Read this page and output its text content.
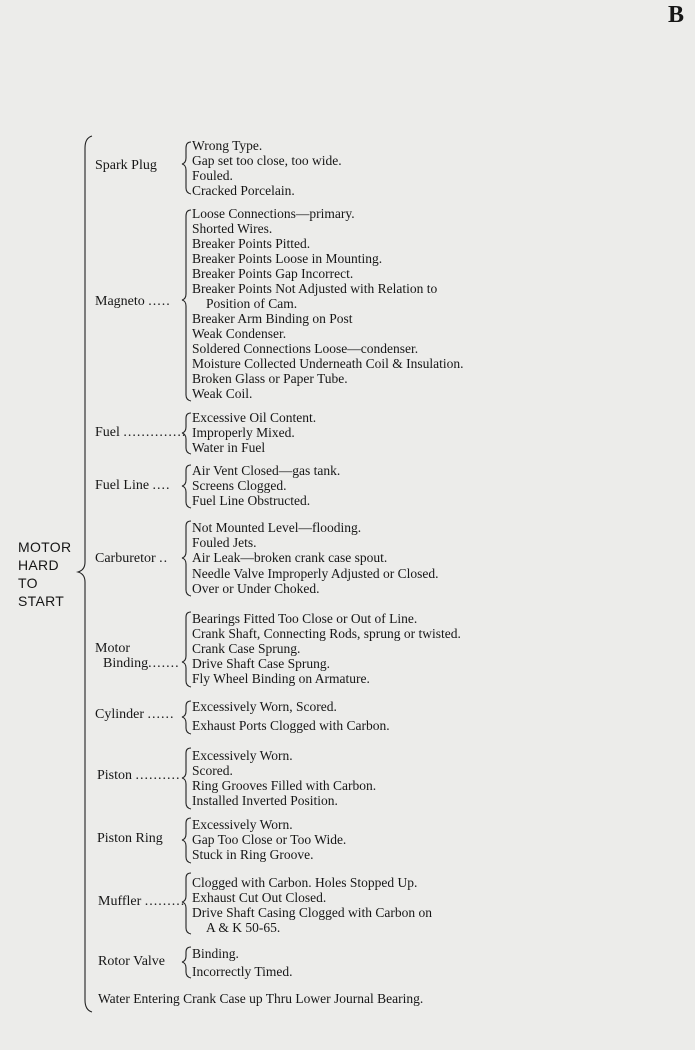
B
MOTOR
HARD
TO
START
Spark Plug
Wrong Type.
Gap set too close, too wide.
Fouled.
Cracked Porcelain.
Magneto .....
Loose Connections—primary.
Shorted Wires.
Breaker Points Pitted.
Breaker Points Loose in Mounting.
Breaker Points Gap Incorrect.
Breaker Points Not Adjusted with Relation to
Position of Cam.
Breaker Arm Binding on Post
Weak Condenser.
Soldered Connections Loose—condenser.
Moisture Collected Underneath Coil & Insulation.
Broken Glass or Paper Tube.
Weak Coil.
Fuel ..............
Excessive Oil Content.
Improperly Mixed.
Water in Fuel
Fuel Line ....
Air Vent Closed—gas tank.
Screens Clogged.
Fuel Line Obstructed.
Carburetor ..
Not Mounted Level—flooding.
Fouled Jets.
Air Leak—broken crank case spout.
Needle Valve Improperly Adjusted or Closed.
Over or Under Choked.
Motor
Binding.......
Bearings Fitted Too Close or Out of Line.
Crank Shaft, Connecting Rods, sprung or twisted.
Crank Case Sprung.
Drive Shaft Case Sprung.
Fly Wheel Binding on Armature.
Cylinder ......
Excessively Worn, Scored.
Exhaust Ports Clogged with Carbon.
Piston ..........
Excessively Worn.
Scored.
Ring Grooves Filled with Carbon.
Installed Inverted Position.
Piston Ring
Excessively Worn.
Gap Too Close or Too Wide.
Stuck in Ring Groove.
Muffler .........
Clogged with Carbon. Holes Stopped Up.
Exhaust Cut Out Closed.
Drive Shaft Casing Clogged with Carbon on
A & K 50-65.
Rotor Valve
Binding.
Incorrectly Timed.
Water Entering Crank Case up Thru Lower Journal Bearing.
